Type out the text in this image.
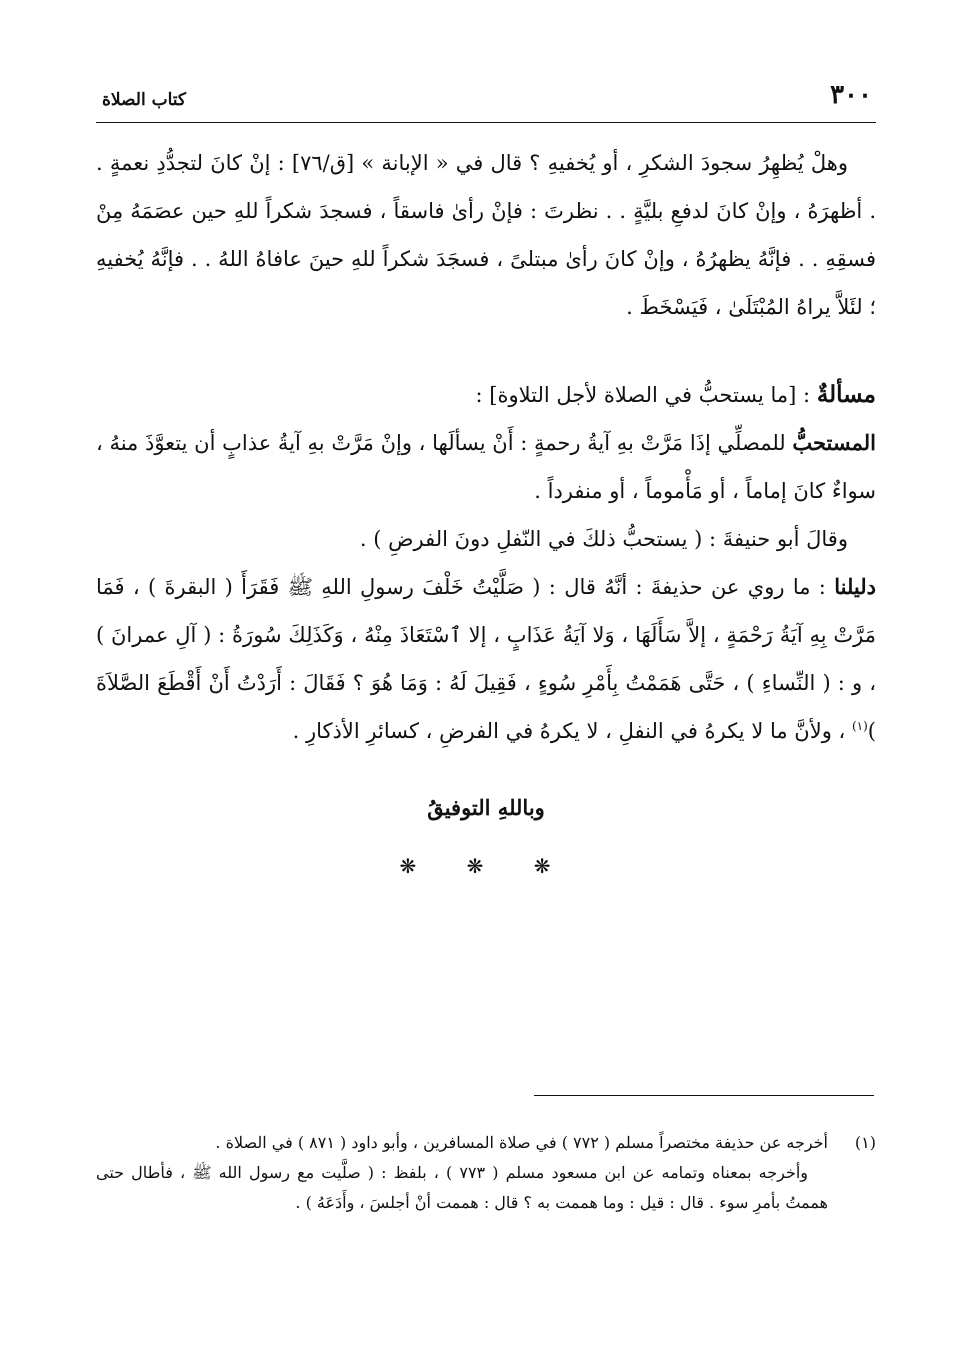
٣٠٠
كتاب الصلاة

وهلْ يُظهِرُ سجودَ الشكرِ ، أو يُخفيهِ ؟ قال في « الإبانة » [ق/٧٦] : إنْ كانَ لتجدُّدِ نعمةٍ . . أظهرَهُ ، وإنْ كانَ لدفعِ بليَّةٍ . . نظرتَ : فإنْ رأىٰ فاسقاً ، فسجدَ شكراً للهِ حين عصَمَهُ مِنْ فسقِهِ . . فإنَّهُ يظهرُهُ ، وإنْ كانَ رأىٰ مبتلىً ، فسجَدَ شكراً للهِ حينَ عافاهُ اللهُ . . فإنَّهُ يُخفيهِ ؛ لئَلاَّ يراهُ المُبْتَلَىٰ ، فَيَسْخَطَ .

مسألةٌ : [ما يستحبُّ في الصلاة لأجل التلاوة] :

المستحبُّ للمصلِّي إذَا مَرَّتْ بهِ آيةُ رحمةٍ : أَنْ يسألَها ، وإنْ مَرَّتْ بهِ آيةُ عذابٍ أن يتعوَّذَ منهُ ، سواءٌ كانَ إماماً ، أو مَأْموماً ، أو منفرداً .

وقالَ أبو حنيفةَ : ( يستحبُّ ذلكَ في النّفلِ دونَ الفرضِ ) .

دليلنا : ما روي عن حذيفةَ : أنَّهُ قال : ( صَلَّيْتُ خَلْفَ رسولِ اللهِ ﷺ فَقَرَأَ ( البقرةَ ) ، فَمَا مَرَّتْ بِهِ آيَةُ رَحْمَةٍ ، إلاَّ سَأَلَهَا ، وَلا آيَةُ عَذَابٍ ، إلا ٱسْتَعَاذَ مِنْهُ ، وَكَذَلِكَ سُورَةُ : ( آلِ عمرانَ ) ، و : ( النِّساءِ ) ، حَتَّى هَمَمْتُ بِأَمْرِ سُوءٍ ، فَقِيلَ لَهُ : وَمَا هُوَ ؟ فَقَالَ : أَرَدْتُ أَنْ أَقْطَعَ الصَّلاَةَ )$^{(١)}$ ، ولأنَّ ما لا يكرهُ في النفلِ ، لا يكرهُ في الفرضِ ، كسائرِ الأذكارِ .

وباللهِ التوفيقُ
❋ ❋ ❋

(١)
أخرجه عن حذيفة مختصراً مسلم ( ٧٧٢ ) في صلاة المسافرين ، وأبو داود ( ٨٧١ ) في الصلاة .

وأخرجه بمعناه وتمامه عن ابن مسعود مسلم ( ٧٧٣ ) ، بلفظ : ( صلَّيت مع رسول الله ﷺ ، فأطال حتى هممتُ بأمرِ سوء . قال : قيل : وما هممت به ؟ قال : هممت أنْ أجلسَ ، وأَدَعَهُ ) .
